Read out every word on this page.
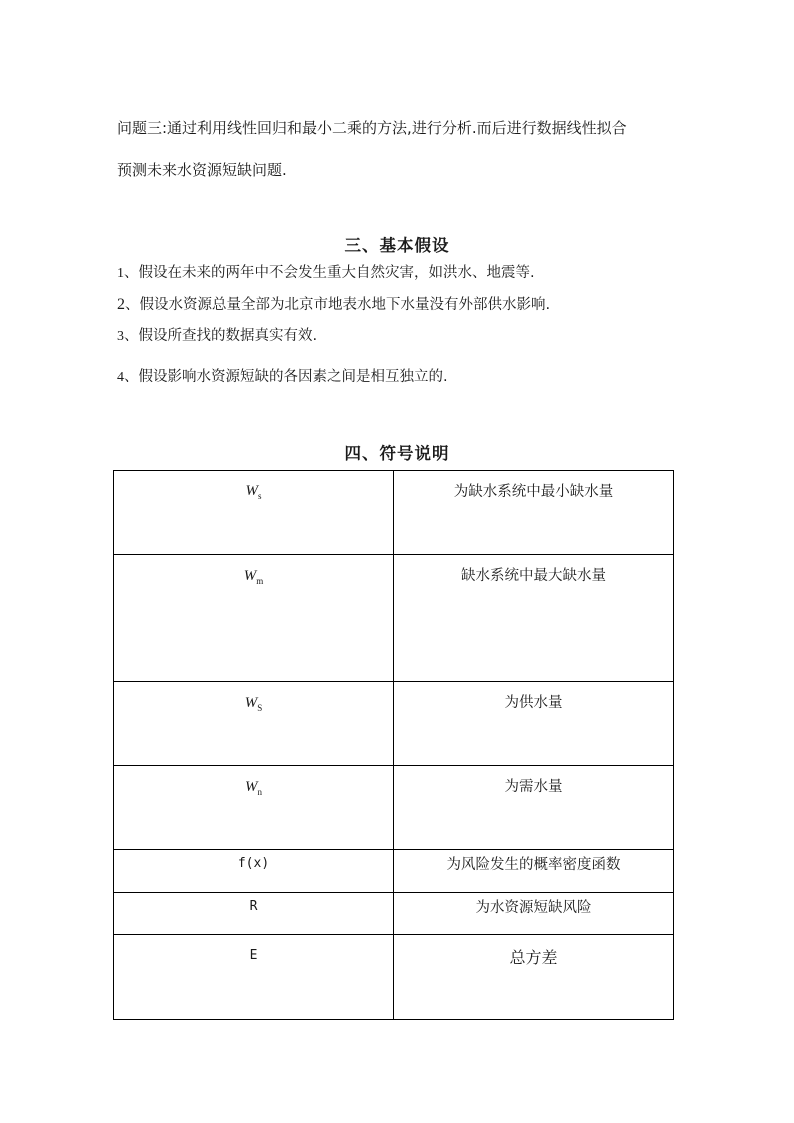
问题三:通过利用线性回归和最小二乘的方法,进行分析.而后进行数据线性拟合
预测未来水资源短缺问题.
三、基本假设
1、假设在未来的两年中不会发生重大自然灾害，如洪水、地震等.
2、假设水资源总量全部为北京市地表水地下水量没有外部供水影响.
3、假设所查找的数据真实有效.
4、假设影响水资源短缺的各因素之间是相互独立的.
四、符号说明
$W_s$	为缺水系统中最小缺水量

$W_m$	缺水系统中最大缺水量

$W_S$	为供水量

$W_n$	为需水量

f(x)	为风险发生的概率密度函数

R	为水资源短缺风险

E	总方差
